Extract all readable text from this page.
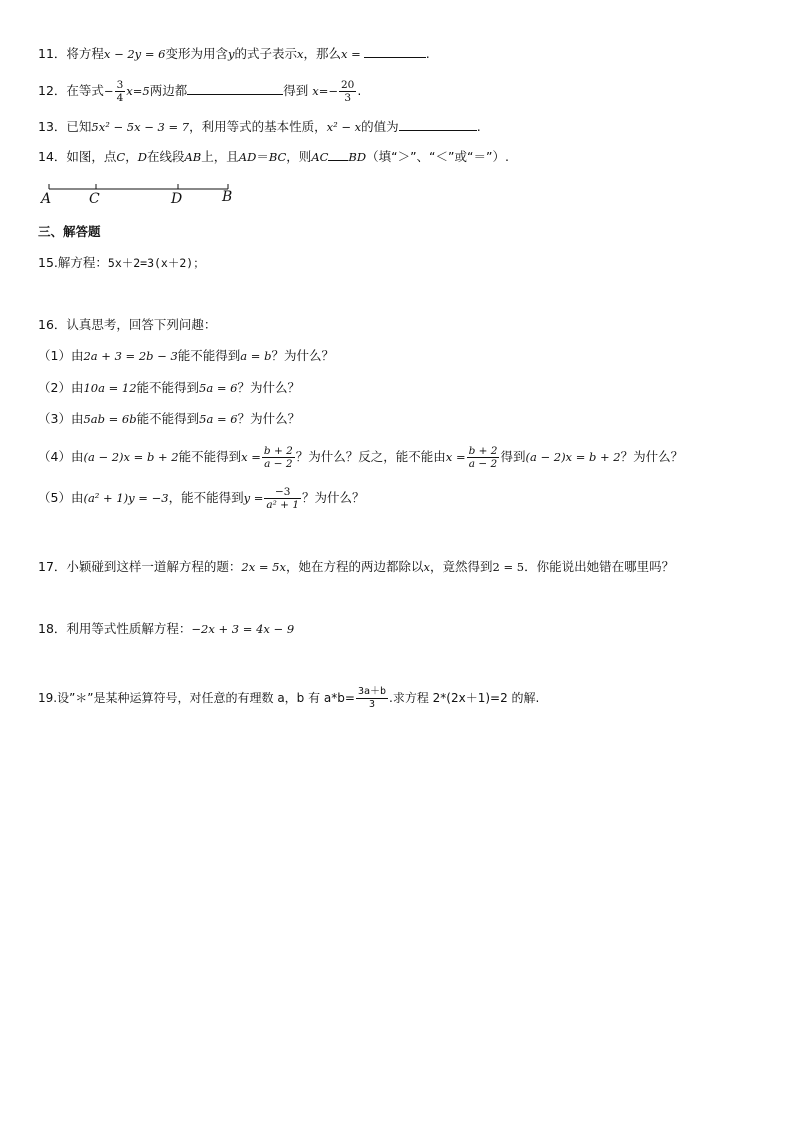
11．将方程x − 2y = 6变形为用含y的式子表示x，那么x =	.
12．在等式− $\frac{3}{4} x=5$两边都	得到 $x=- \frac{20}{3}$ .
13．已知5x² − 5x − 3 = 7，利用等式的基本性质，x² − x的值为	.
14．如图，点C，D在线段AB上，且AD＝BC，则AC BD（填“＞”、“＜”或“＝”）.
A	C	D	B
三、解答题
15.解方程：5x＋2=3(x＋2)；
16．认真思考，回答下列问趣：
（1）由2a + 3 = 2b − 3能不能得到a = b？为什么？
（2）由10a = 12能不能得到5a = 6？为什么？
（3）由5ab = 6b能不能得到5a = 6？为什么？
（4）由(a − 2)x = b + 2能不能得到$x = \frac{b + 2}{a - 2}$ ？为什么？反之，能不能由$x = \frac{b + 2}{a - 2}$ 得到(a − 2)x = b + 2？为什么？
（5）由(a² + 1)y = −3，能不能得到$y = \frac{-3}{\text{a² + 1}}$ ？为什么？
17．小颖碰到这样一道解方程的题：2x = 5x，她在方程的两边都除以x，竟然得到2 = 5．你能说出她错在哪里吗？
18．利用等式性质解方程：−2x + 3 = 4x − 9
19.设”＊”是某种运算符号，对任意的有理数 a，b 有 $a*b= \frac{3a+b}{3}$ .求方程 2*(2x＋1)=2 的解.
